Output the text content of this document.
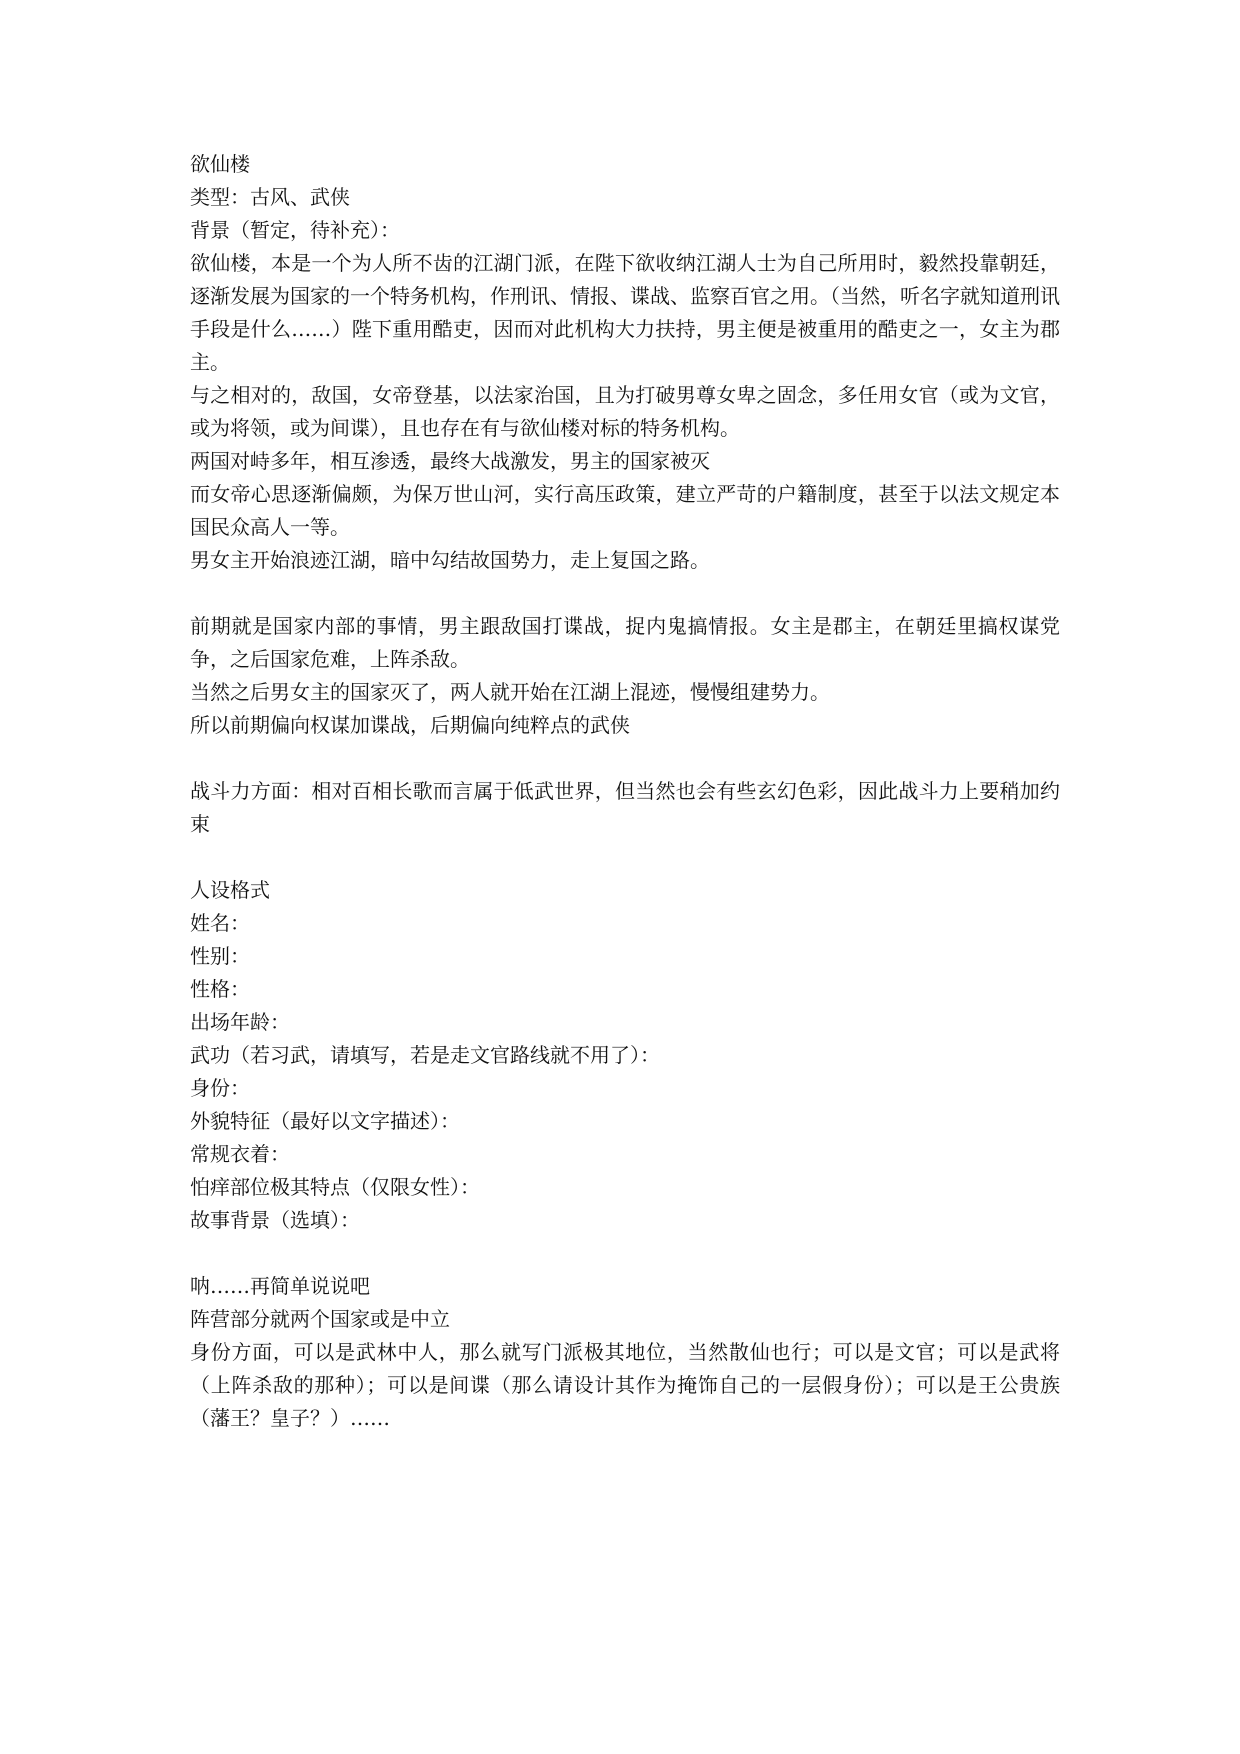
欲仙楼

类型：古风、武侠

背景（暂定，待补充）：

欲仙楼，本是一个为人所不齿的江湖门派，在陛下欲收纳江湖人士为自己所用时，毅然投靠朝廷，逐渐发展为国家的一个特务机构，作刑讯、情报、谍战、监察百官之用。（当然，听名字就知道刑讯手段是什么……）陛下重用酷吏，因而对此机构大力扶持，男主便是被重用的酷吏之一，女主为郡主。

与之相对的，敌国，女帝登基，以法家治国，且为打破男尊女卑之固念，多任用女官（或为文官，或为将领，或为间谍），且也存在有与欲仙楼对标的特务机构。

两国对峙多年，相互渗透，最终大战激发，男主的国家被灭

而女帝心思逐渐偏颇，为保万世山河，实行高压政策，建立严苛的户籍制度，甚至于以法文规定本国民众高人一等。

男女主开始浪迹江湖，暗中勾结故国势力，走上复国之路。

前期就是国家内部的事情，男主跟敌国打谍战，捉内鬼搞情报。女主是郡主，在朝廷里搞权谋党争，之后国家危难，上阵杀敌。

当然之后男女主的国家灭了，两人就开始在江湖上混迹，慢慢组建势力。

所以前期偏向权谋加谍战，后期偏向纯粹点的武侠

战斗力方面：相对百相长歌而言属于低武世界，但当然也会有些玄幻色彩，因此战斗力上要稍加约束

人设格式

姓名：

性别：

性格：

出场年龄：

武功（若习武，请填写，若是走文官路线就不用了）：

身份：

外貌特征（最好以文字描述）：

常规衣着：

怕痒部位极其特点（仅限女性）：

故事背景（选填）：

呐……再简单说说吧

阵营部分就两个国家或是中立

身份方面，可以是武林中人，那么就写门派极其地位，当然散仙也行；可以是文官；可以是武将（上阵杀敌的那种）；可以是间谍（那么请设计其作为掩饰自己的一层假身份）；可以是王公贵族（藩王？皇子？）……
